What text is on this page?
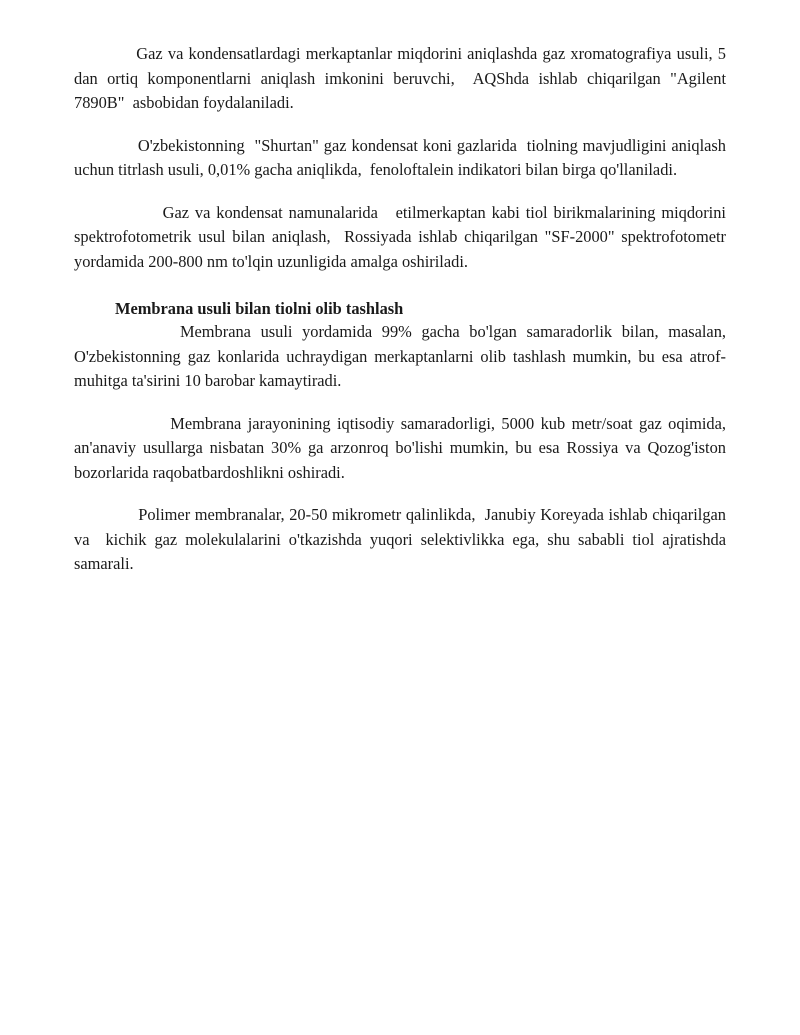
Gaz va kondensatlardagi merkaptanlar miqdorini aniqlashda gaz xromatografiya usuli, 5 dan ortiq komponentlarni aniqlash imkonini beruvchi,  AQShda ishlab chiqarilgan "Agilent 7890B"  asbobidan foydalaniladi.

O'zbekistonning  "Shurtan" gaz kondensat koni gazlarida  tiolning mavjudligini aniqlash uchun titrlash usuli, 0,01% gacha aniqlikda,  fenoloftalein indikatori bilan birga qo'llaniladi.

Gaz va kondensat namunalarida   etilmerkaptan kabi tiol birikmalarining miqdorini spektrofotometrik usul bilan aniqlash,  Rossiyada ishlab chiqarilgan "SF-2000" spektrofotometr yordamida 200-800 nm to'lqin uzunligida amalga oshiriladi.

Membrana usuli bilan tiolni olib tashlash

Membrana usuli yordamida 99% gacha bo'lgan samaradorlik bilan, masalan, O'zbekistonning gaz konlarida uchraydigan merkaptanlarni olib tashlash mumkin, bu esa atrof-muhitga ta'sirini 10 barobar kamaytiradi.

Membrana jarayonining iqtisodiy samaradorligi, 5000 kub metr/soat gaz oqimida, an'anaviy usullarga nisbatan 30% ga arzonroq bo'lishi mumkin, bu esa Rossiya va Qozog'iston bozorlarida raqobatbardoshlikni oshiradi.

Polimer membranalar, 20-50 mikrometr qalinlikda,  Janubiy Koreyada ishlab chiqarilgan va  kichik gaz molekulalarini o'tkazishda yuqori selektivlikka ega, shu sababli tiol ajratishda samarali.
